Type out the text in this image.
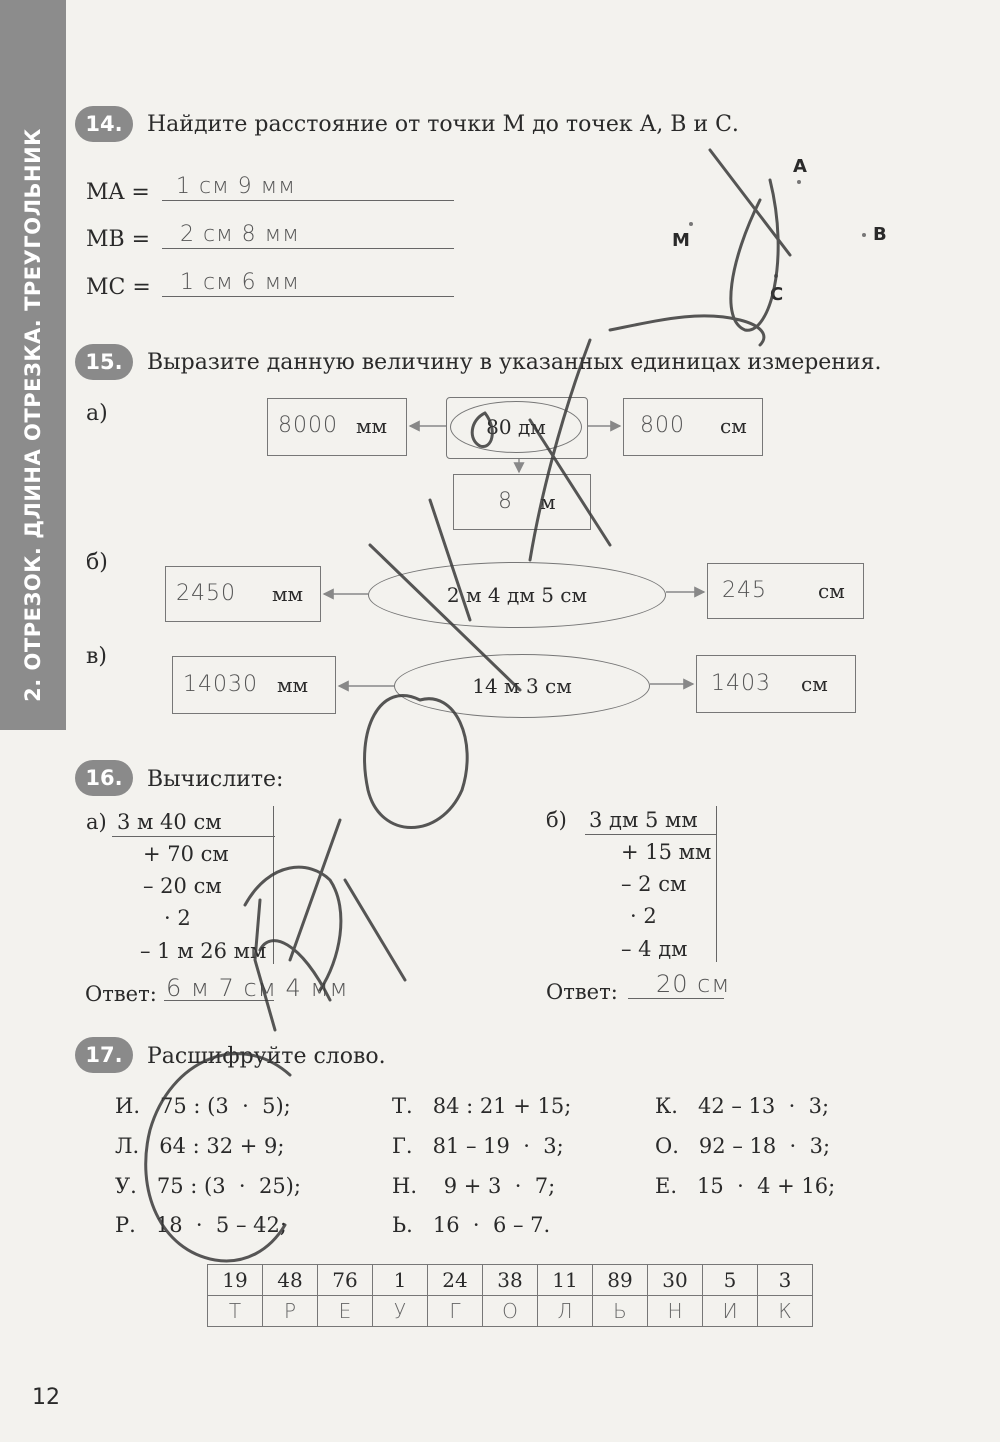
2. ОТРЕЗОК. ДЛИНА ОТРЕЗКА. ТРЕУГОЛЬНИК
14.	Найдите расстояние от точки М до точек А, В и С.
MA = 1 см 9 мм
MB = 2 см 8 мм
MC = 1 см 6 мм
A
B
M
C
15.	Выразите данную величину в указанных единицах измерения.
а)	8000 мм	80 дм	800 см
8 м
б)
2450 мм	2 м 4 дм 5 см	245	см
в)
14030 мм	14 м 3 см	1403 см
16.	Вычислите:
а) 3 м 40 см
+ 70 см
– 20 см
· 2
– 1 м 26 мм
Ответ: 6 м 7 см 4 мм
б) 3 дм 5 мм
+ 15 мм
– 2 см
· 2
– 4 дм
Ответ: 20 см
17.	Расшифруйте слово.
И.   75 : (3  ·  5);
Л.   64 : 32 + 9;
У.   75 : (3  ·  25);
Р.   18  ·  5 – 42;
Т.   84 : 21 + 15;
Г.   81 – 19  ·  3;
Н.    9 + 3  ·  7;
Ь.   16  ·  6 – 7.
К.   42 – 13  ·  3;
О.   92 – 18  ·  3;
Е.   15  ·  4 + 16;
19	48	76	1	24	38	11	89	30	5	3
Т	Р	Е	У	Г	О	Л	Ь	Н	И	К
12
